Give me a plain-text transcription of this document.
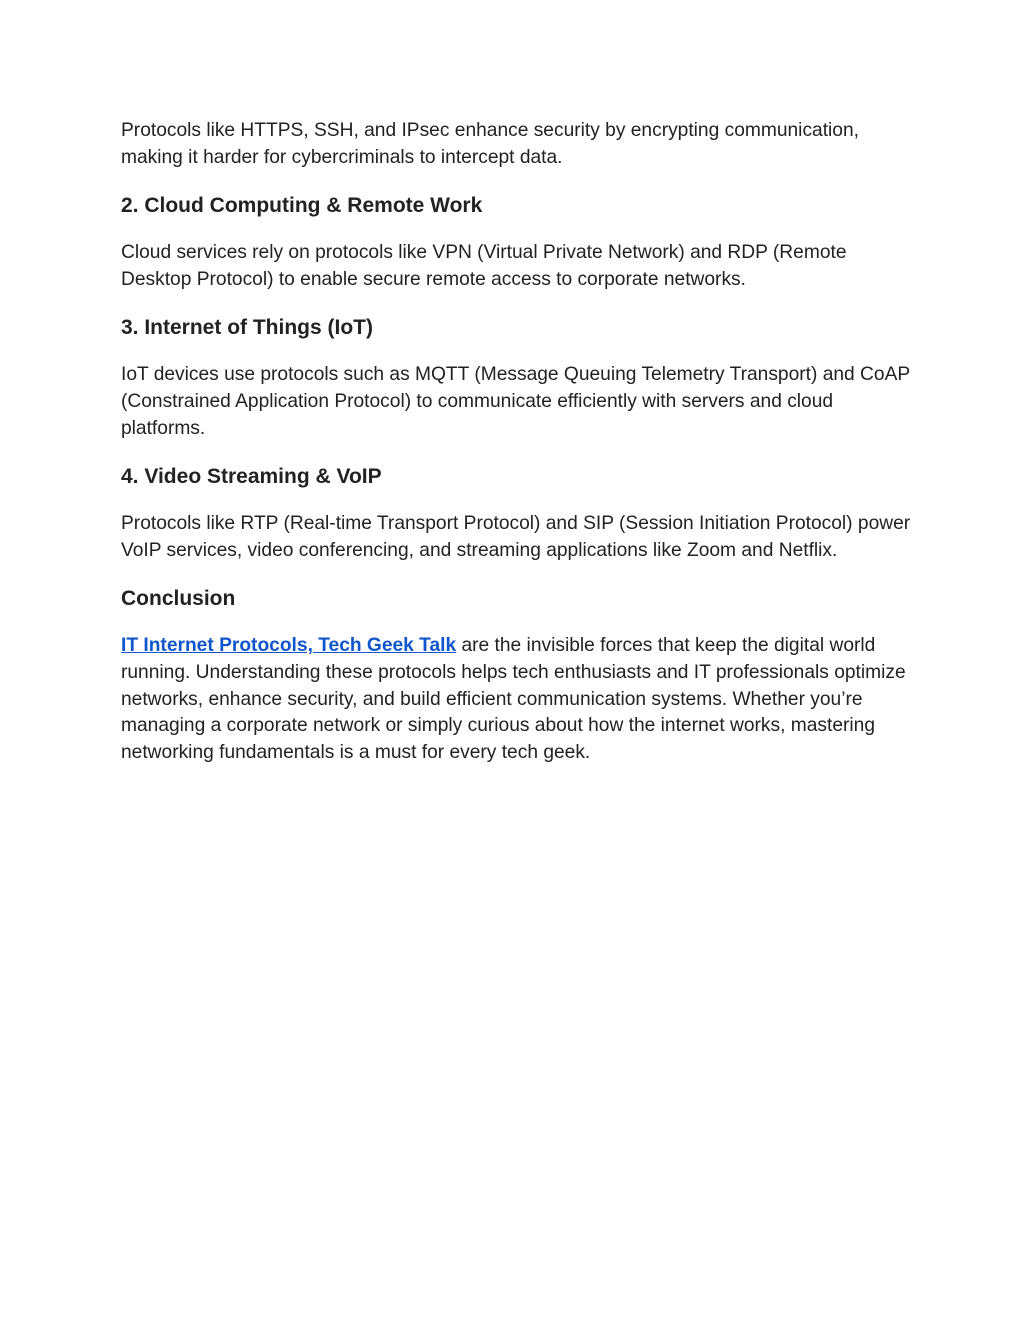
Protocols like HTTPS, SSH, and IPsec enhance security by encrypting communication, making it harder for cybercriminals to intercept data.

2. Cloud Computing & Remote Work

Cloud services rely on protocols like VPN (Virtual Private Network) and RDP (Remote Desktop Protocol) to enable secure remote access to corporate networks.

3. Internet of Things (IoT)

IoT devices use protocols such as MQTT (Message Queuing Telemetry Transport) and CoAP (Constrained Application Protocol) to communicate efficiently with servers and cloud platforms.

4. Video Streaming & VoIP

Protocols like RTP (Real-time Transport Protocol) and SIP (Session Initiation Protocol) power VoIP services, video conferencing, and streaming applications like Zoom and Netflix.

Conclusion

IT Internet Protocols, Tech Geek Talk are the invisible forces that keep the digital world running. Understanding these protocols helps tech enthusiasts and IT professionals optimize networks, enhance security, and build efficient communication systems. Whether you’re managing a corporate network or simply curious about how the internet works, mastering networking fundamentals is a must for every tech geek.
